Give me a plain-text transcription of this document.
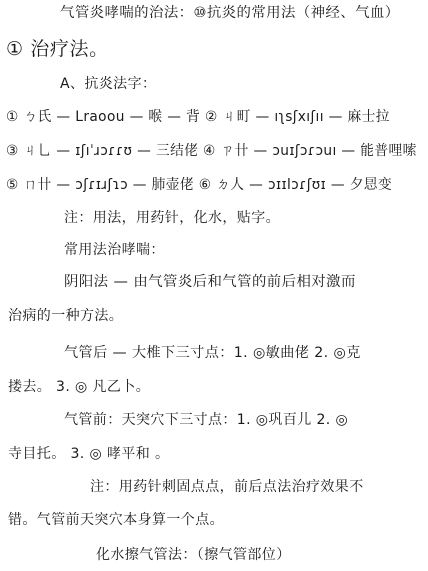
气管炎哮喘的治法：⑩抗炎的常用法（神经、气血）
① 治疗法。
A、抗炎法字：
① ㄅ氏 — Lraoou — 喉 — 背 ② ㄐ町 — ıʅsʃxıʃıı — 麻士拉
③ ㄐ乚 — ɪʃıˈɹɔɾɾʊ — 三结佬 ④ ㄗ卄 — ɔuɪʃɔɾɔuı — 能普哩嗦
⑤ ㄇ卄 — ɔʃɾɪɹʃɿɔ — 肺壶佬 ⑥ ㄉ人 — ɔɪɪlɔɾʃʊɪ — 夕㤙变
注：用法，用药针，化水，贴字。
常用法治哮喘：
阴阳法 — 由气管炎后和气管的前后相对激而
治病的一种方法。
气管后 — 大椎下三寸点：1. ◎敏曲佬 2. ◎克
搂去。 3. ◎ 凡乙卜。
气管前：天突穴下三寸点：1. ◎巩百儿 2. ◎
寺目托。 3. ◎ 哮平和 。
注：用药针刺固点点，前后点法治疗效果不
错。气管前天突穴本身算一个点。
化水擦气管法：（擦气管部位）
